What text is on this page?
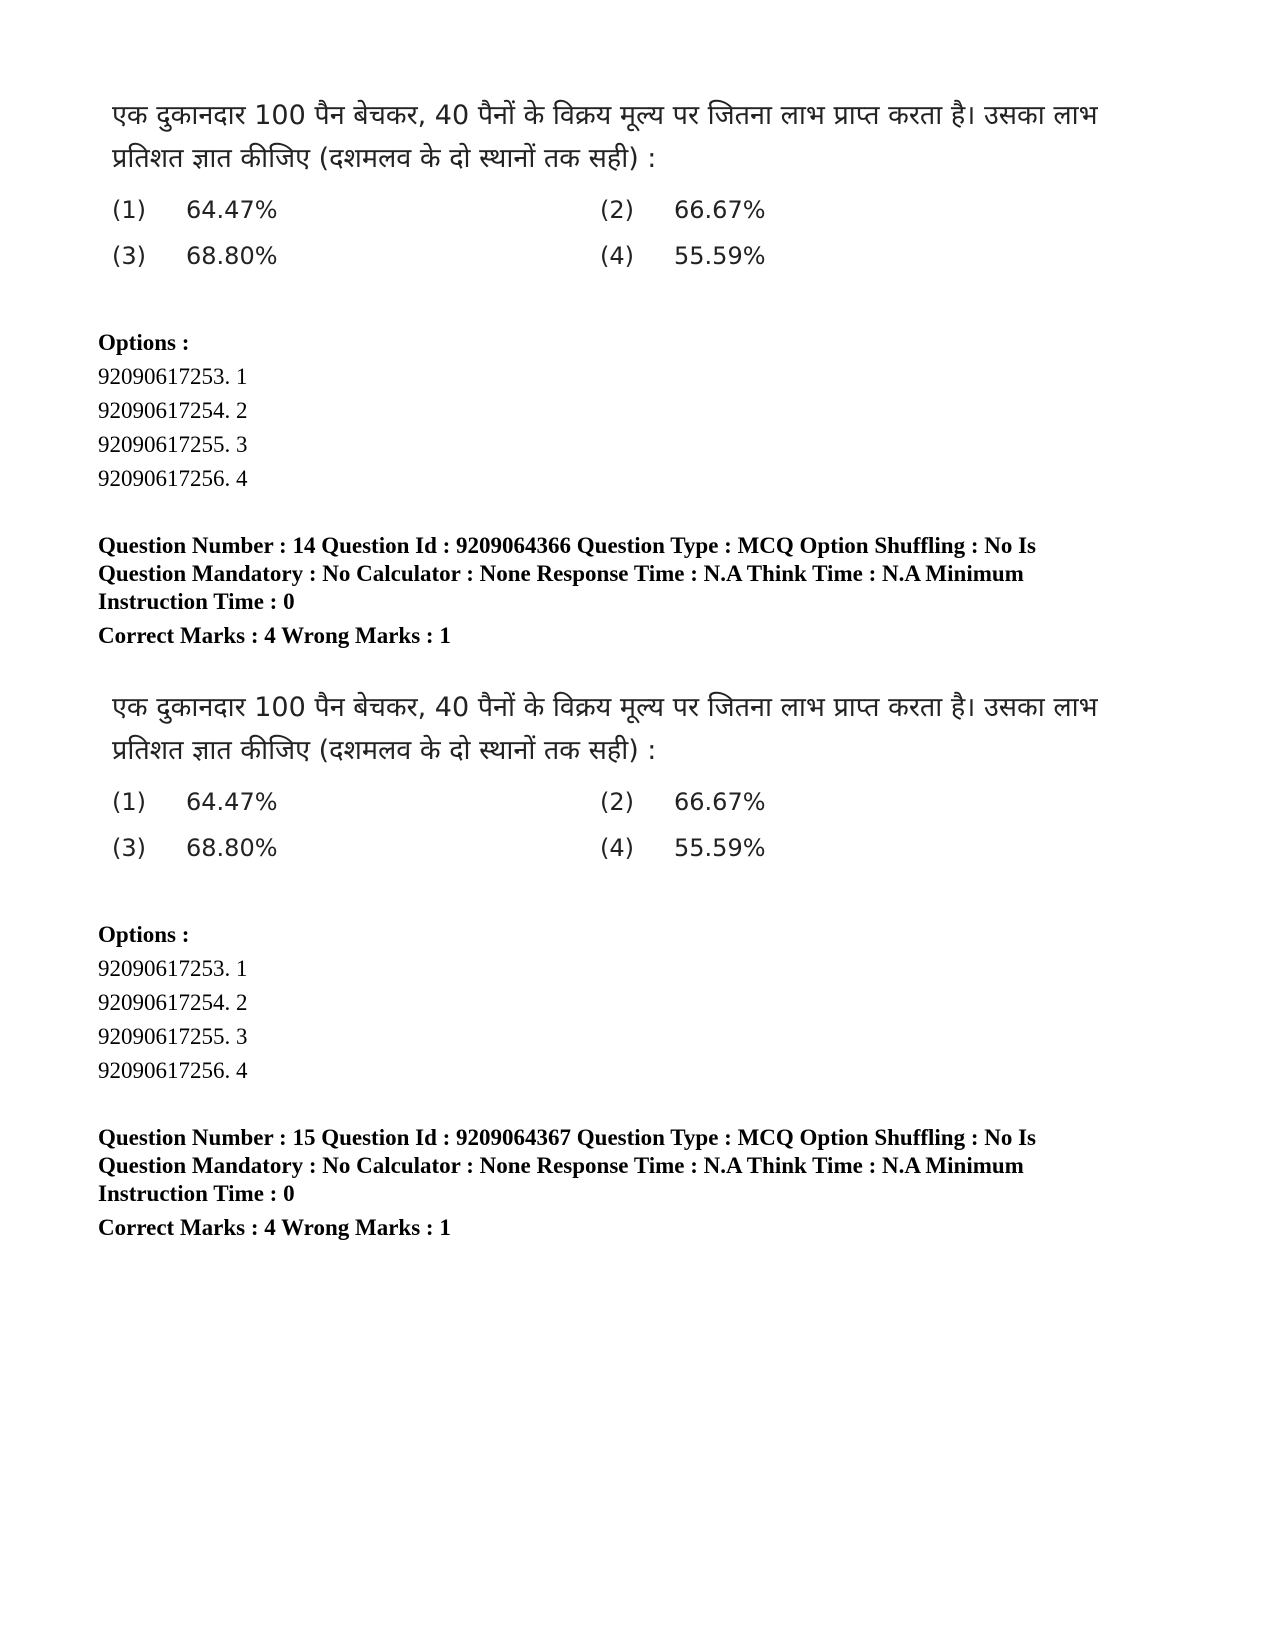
एक दुकानदार 100 पैन बेचकर, 40 पैनों के विक्रय मूल्य पर जितना लाभ प्राप्त करता है। उसका लाभ प्रतिशत ज्ञात कीजिए (दशमलव के दो स्थानों तक सही) :

(1) 64.47%	(2) 66.67%
(3) 68.80%	(4) 55.59%

Options :

92090617253. 1

92090617254. 2

92090617255. 3

92090617256. 4

Question Number : 14 Question Id : 9209064366 Question Type : MCQ Option Shuffling : No Is Question Mandatory : No Calculator : None Response Time : N.A Think Time : N.A Minimum Instruction Time : 0

Correct Marks : 4 Wrong Marks : 1

एक दुकानदार 100 पैन बेचकर, 40 पैनों के विक्रय मूल्य पर जितना लाभ प्राप्त करता है। उसका लाभ प्रतिशत ज्ञात कीजिए (दशमलव के दो स्थानों तक सही) :

(1) 64.47%	(2) 66.67%
(3) 68.80%	(4) 55.59%

Options :

92090617253. 1

92090617254. 2

92090617255. 3

92090617256. 4

Question Number : 15 Question Id : 9209064367 Question Type : MCQ Option Shuffling : No Is Question Mandatory : No Calculator : None Response Time : N.A Think Time : N.A Minimum Instruction Time : 0

Correct Marks : 4 Wrong Marks : 1
